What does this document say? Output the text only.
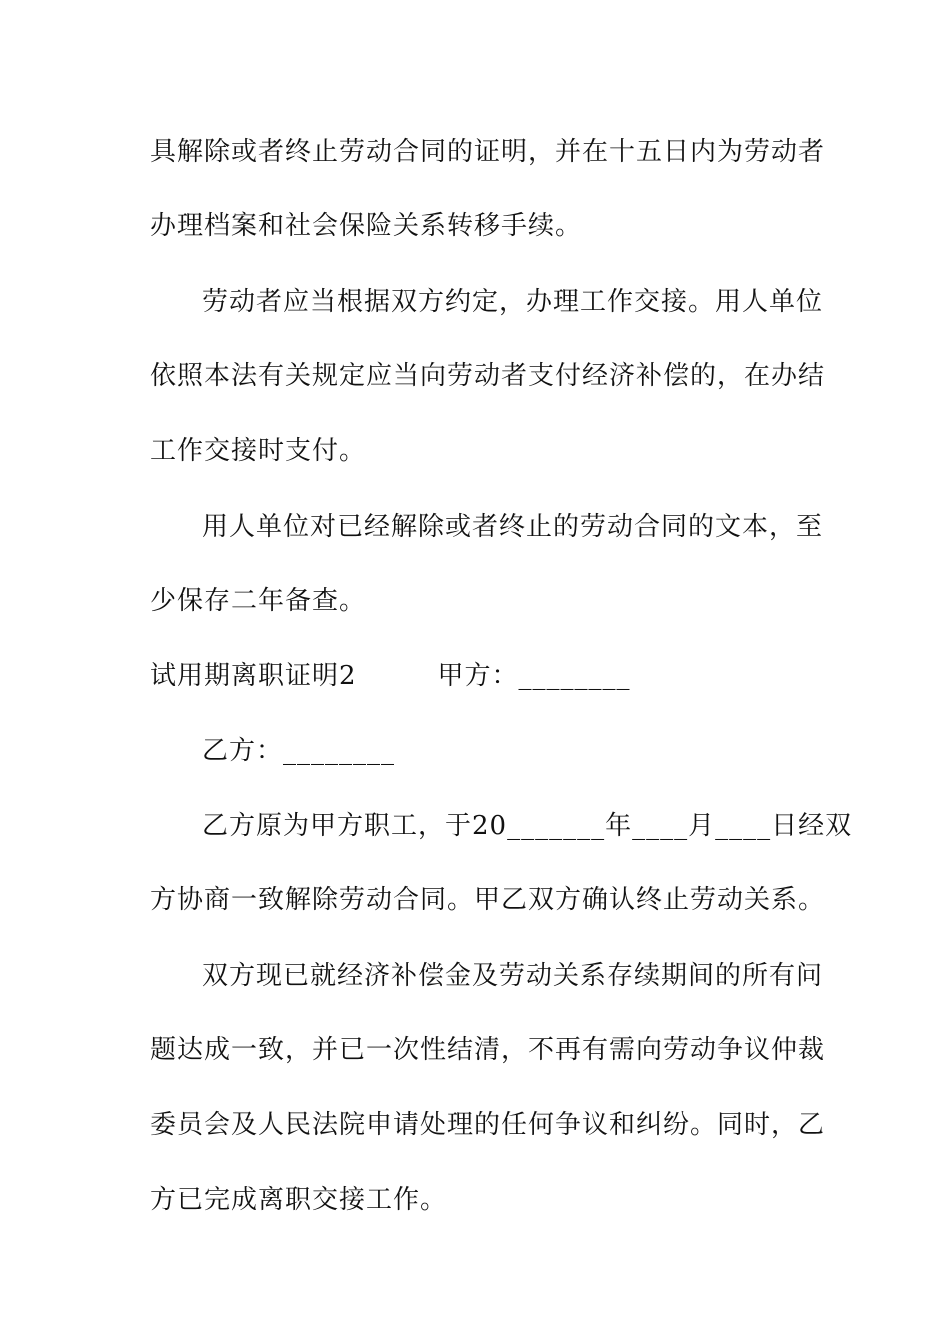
具解除或者终止劳动合同的证明，并在十五日内为劳动者
办理档案和社会保险关系转移手续。
劳动者应当根据双方约定，办理工作交接。用人单位
依照本法有关规定应当向劳动者支付经济补偿的，在办结
工作交接时支付。
用人单位对已经解除或者终止的劳动合同的文本，至
少保存二年备查。
试用期离职证明2　　　甲方：________
乙方：________
乙方原为甲方职工，于20_______年____月____日经双
方协商一致解除劳动合同。甲乙双方确认终止劳动关系。
双方现已就经济补偿金及劳动关系存续期间的所有问
题达成一致，并已一次性结清，不再有需向劳动争议仲裁
委员会及人民法院申请处理的任何争议和纠纷。同时，乙
方已完成离职交接工作。
